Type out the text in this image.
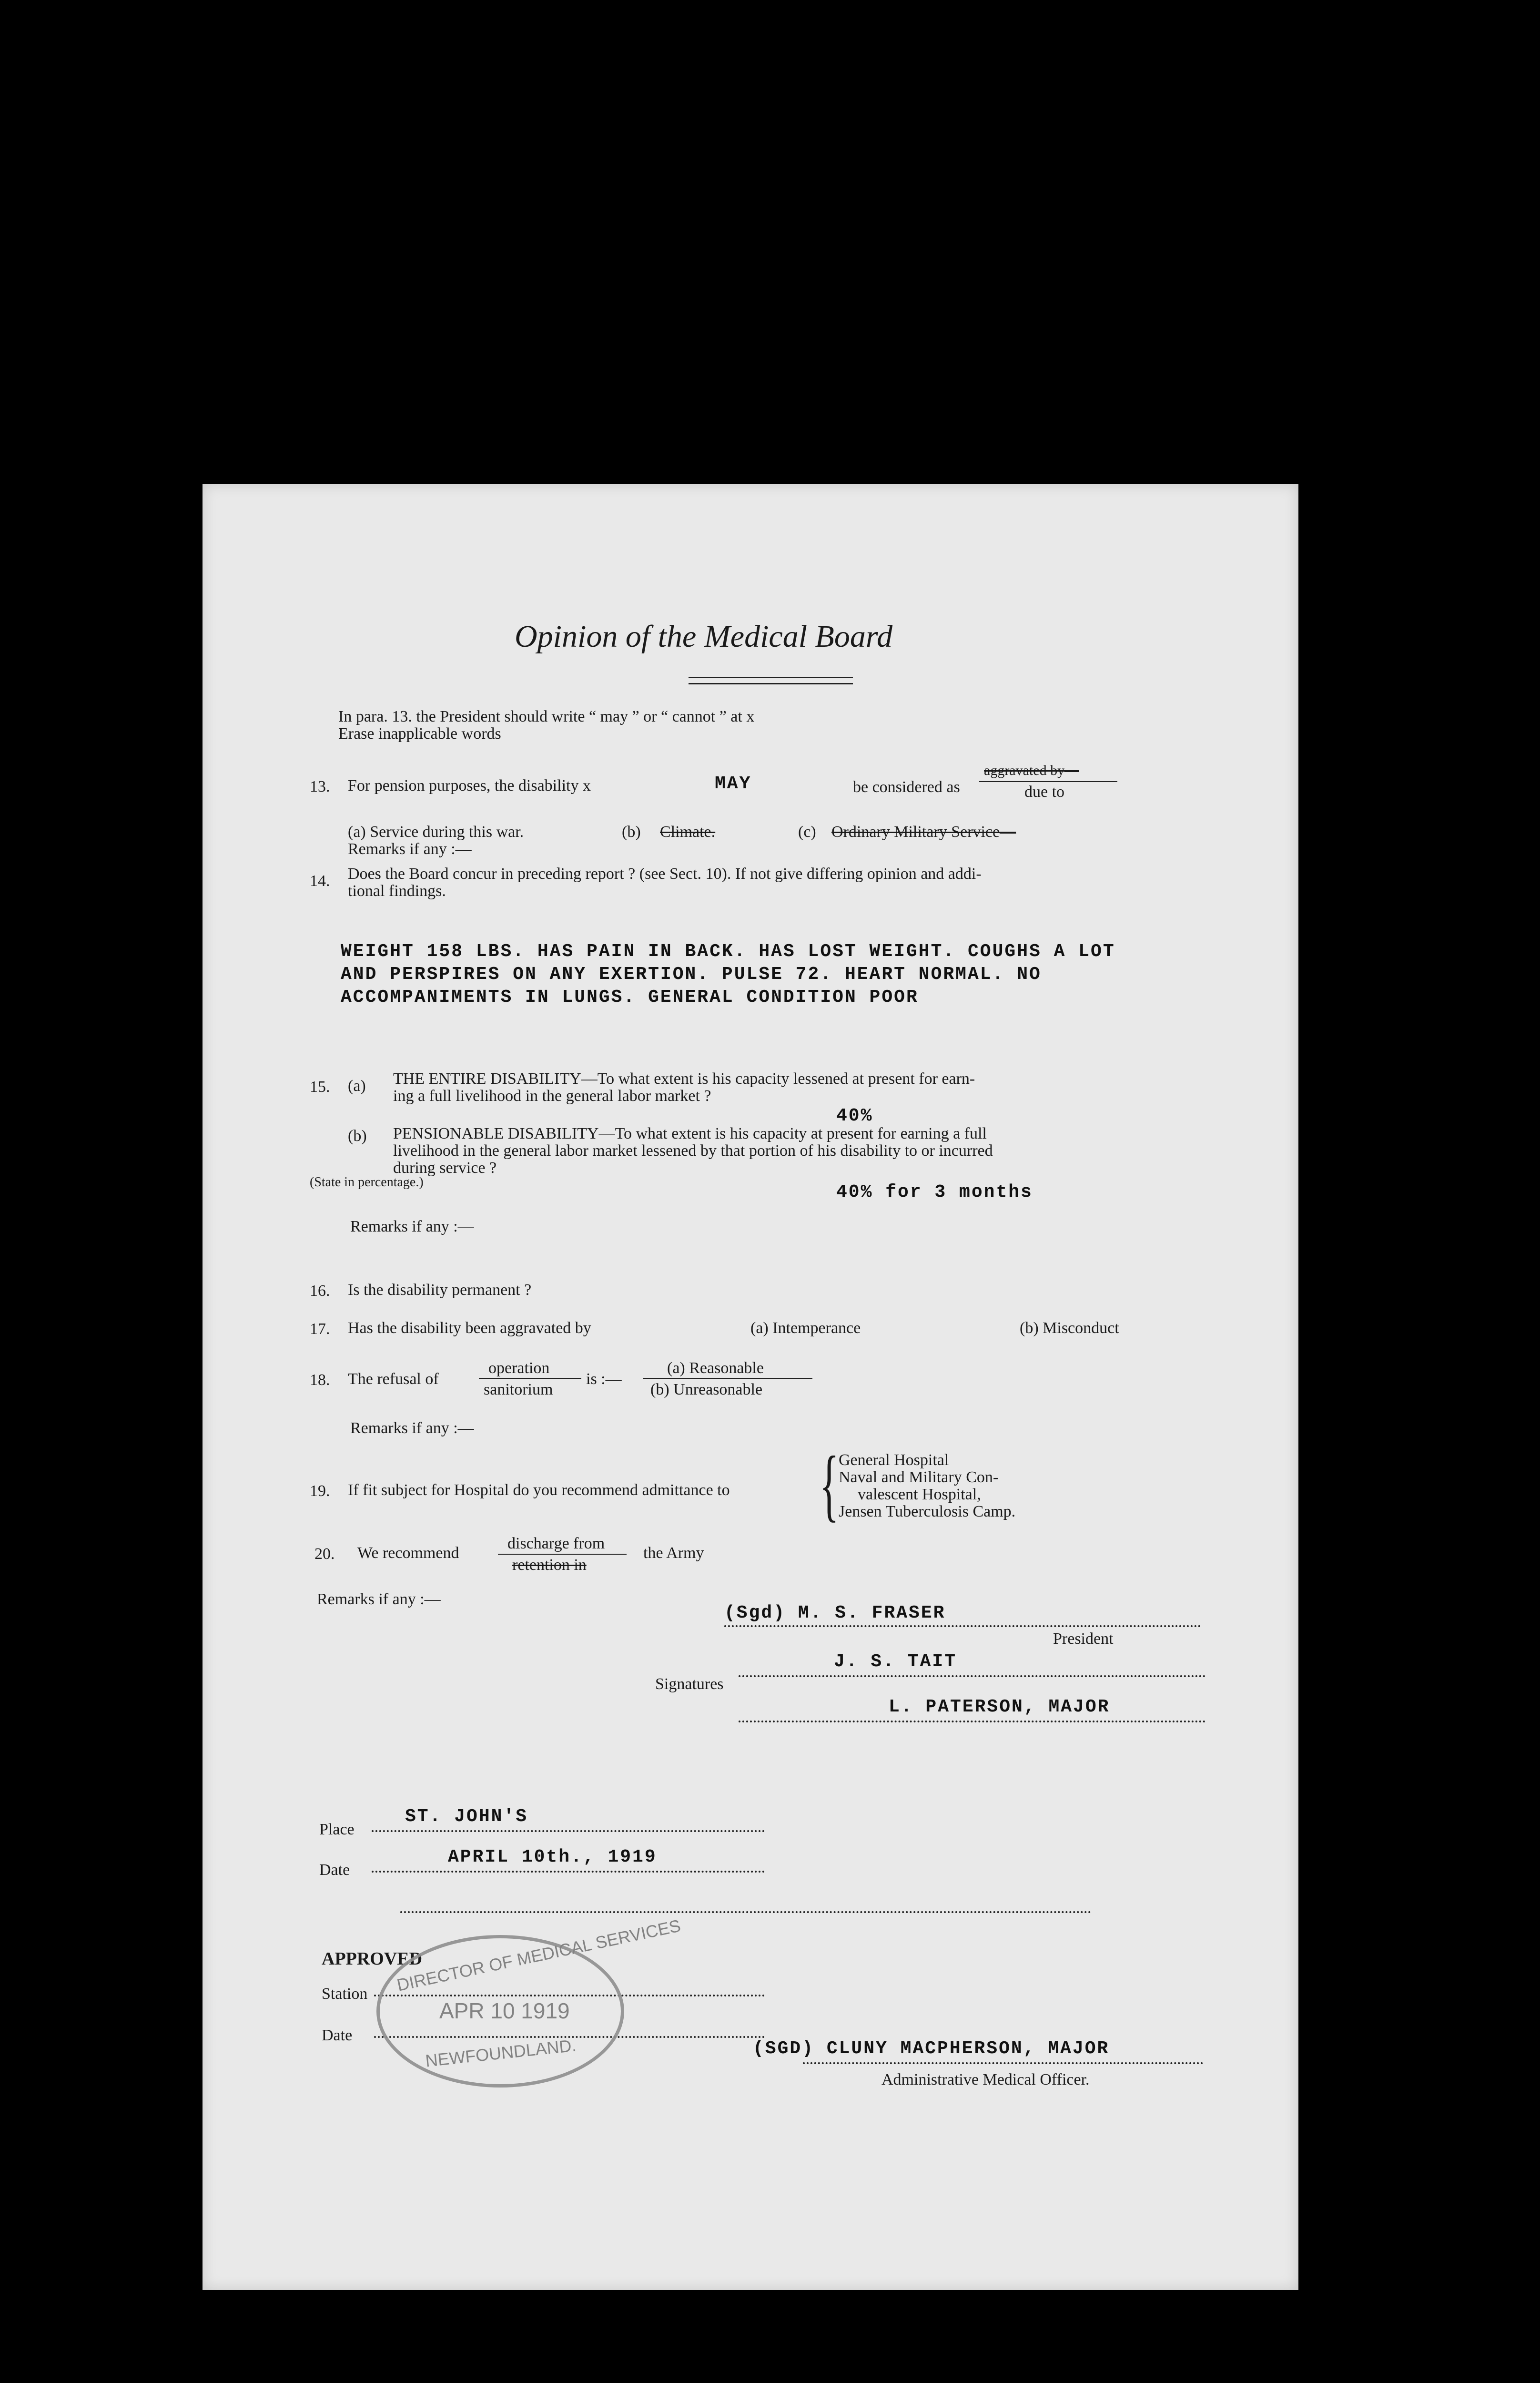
Opinion of the Medical Board
In para. 13. the President should write “ may ” or “ cannot ” at x
Erase inapplicable words
13. For pension purposes, the disability x	MAY	be considered as
aggravated by—
due to
(a) Service during this war.	(b) Climate.	(c) Ordinary Military Service—
Remarks if any :—
14. Does the Board concur in preceding report ? (see Sect. 10). If not give differing opinion and addi-
tional findings.
WEIGHT 158 LBS. HAS PAIN IN BACK. HAS LOST WEIGHT. COUGHS A LOT
AND PERSPIRES ON ANY EXERTION. PULSE 72. HEART NORMAL. NO
ACCOMPANIMENTS IN LUNGS. GENERAL CONDITION POOR
15. (a) THE ENTIRE DISABILITY—To what extent is his capacity lessened at present for earn-
ing a full livelihood in the general labor market ?
40%
(b) PENSIONABLE DISABILITY—To what extent is his capacity at present for earning a full
livelihood in the general labor market lessened by that portion of his disability to or incurred
during service ?
(State in percentage.)	40% for 3 months
Remarks if any :—
16. Is the disability permanent ?
17. Has the disability been aggravated by	(a) Intemperance	(b) Misconduct
18. The refusal of
operation
sanitorium
is :—
(a) Reasonable
(b) Unreasonable
Remarks if any :—
19. If fit subject for Hospital do you recommend admittance to { General Hospital
Naval and Military Con-
valescent Hospital,
Jensen Tuberculosis Camp.
20. We recommend
discharge from
retention in
the Army
Remarks if any :—
(Sgd) M. S. FRASER
President
J. S. TAIT
Signatures
L. PATERSON, MAJOR
ST. JOHN'S
Place
APRIL 10th., 1919
Date
APPROVED
Station
Date
DIRECTOR OF MEDICAL SERVICES
APR 10 1919
NEWFOUNDLAND.	(SGD) CLUNY MACPHERSON, MAJOR
Administrative Medical Officer.
